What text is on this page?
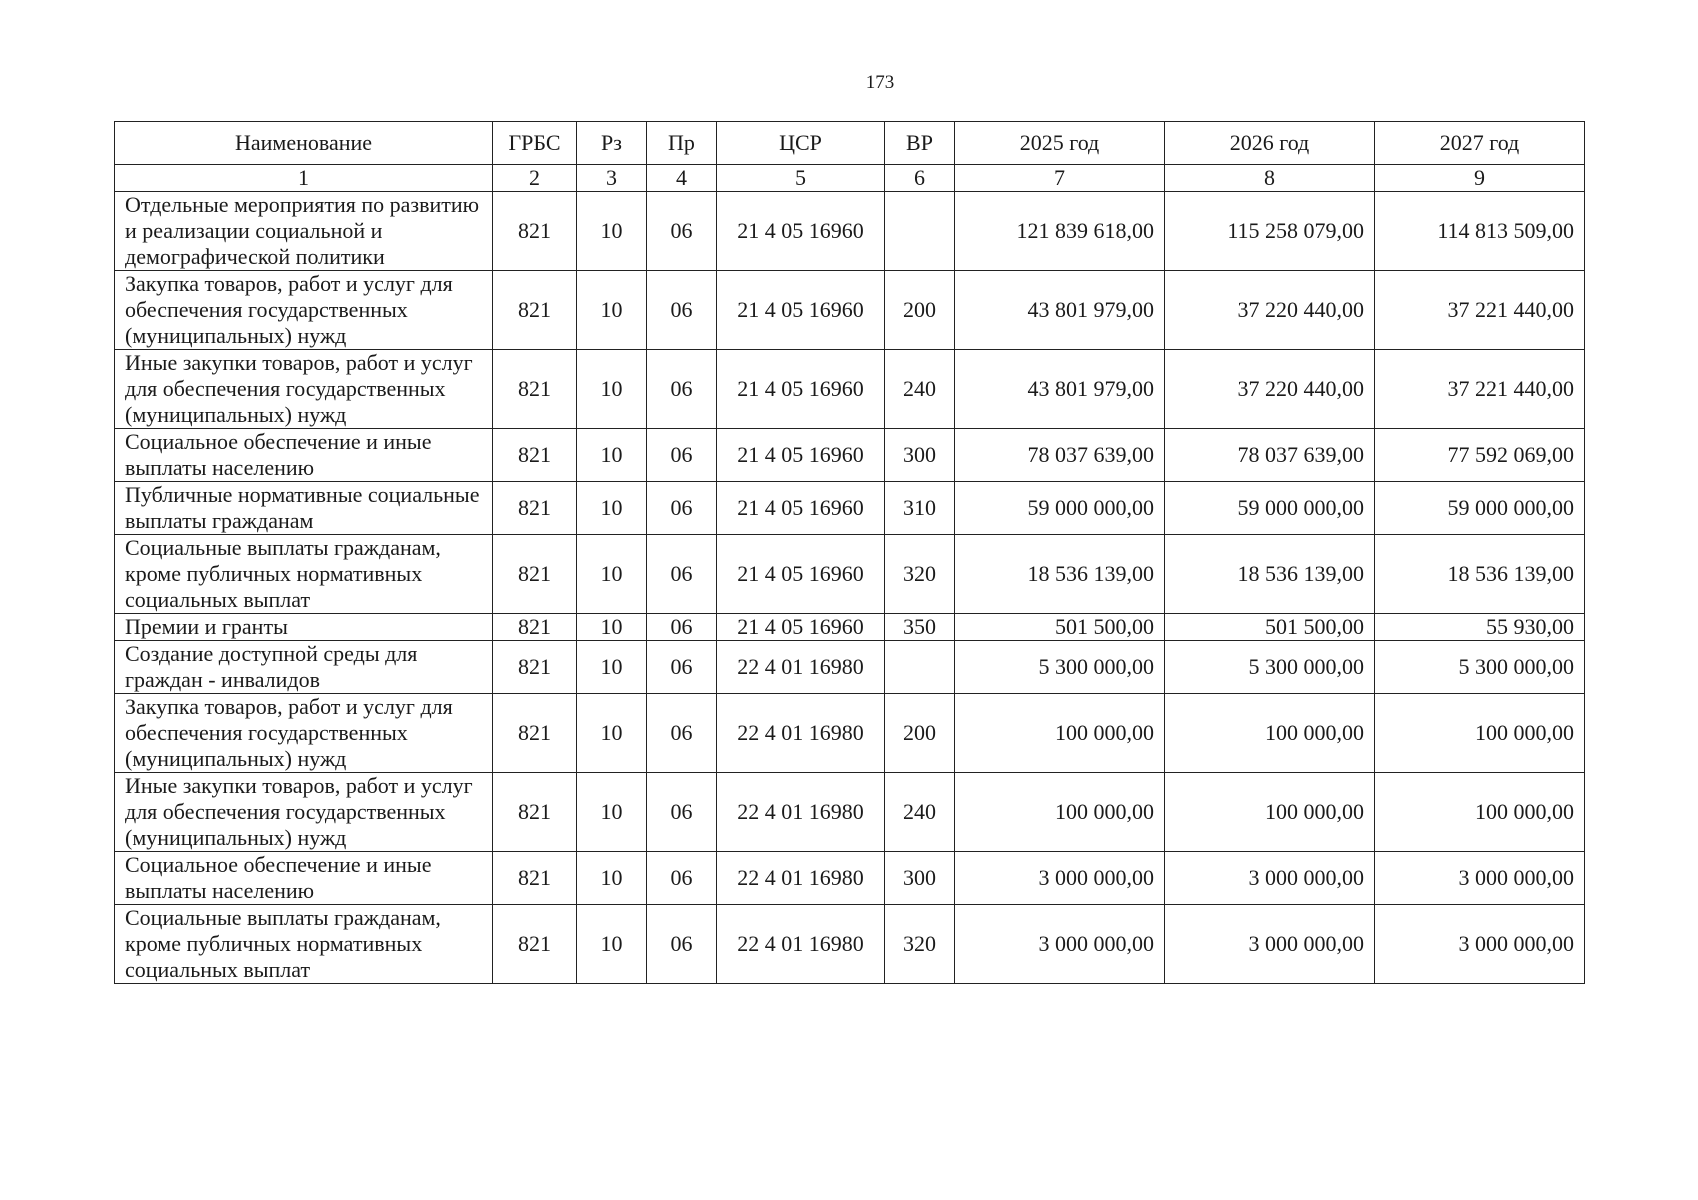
173
Наименование	ГРБС	Рз	Пр	ЦСР	ВР	2025 год	2026 год	2027 год
1	2	3	4	5	6	7	8	9
Отдельные мероприятия по развитию и реализации социальной и демографической политики	821	10	06	21 4 05 16960		121 839 618,00	115 258 079,00	114 813 509,00
Закупка товаров, работ и услуг для обеспечения государственных (муниципальных) нужд	821	10	06	21 4 05 16960	200	43 801 979,00	37 220 440,00	37 221 440,00
Иные закупки товаров, работ и услуг для обеспечения государственных (муниципальных) нужд	821	10	06	21 4 05 16960	240	43 801 979,00	37 220 440,00	37 221 440,00
Социальное обеспечение и иные выплаты населению	821	10	06	21 4 05 16960	300	78 037 639,00	78 037 639,00	77 592 069,00
Публичные нормативные социальные выплаты гражданам	821	10	06	21 4 05 16960	310	59 000 000,00	59 000 000,00	59 000 000,00
Социальные выплаты гражданам, кроме публичных нормативных социальных выплат	821	10	06	21 4 05 16960	320	18 536 139,00	18 536 139,00	18 536 139,00
Премии и гранты	821	10	06	21 4 05 16960	350	501 500,00	501 500,00	55 930,00
Создание доступной среды для граждан - инвалидов	821	10	06	22 4 01 16980		5 300 000,00	5 300 000,00	5 300 000,00
Закупка товаров, работ и услуг для обеспечения государственных (муниципальных) нужд	821	10	06	22 4 01 16980	200	100 000,00	100 000,00	100 000,00
Иные закупки товаров, работ и услуг для обеспечения государственных (муниципальных) нужд	821	10	06	22 4 01 16980	240	100 000,00	100 000,00	100 000,00
Социальное обеспечение и иные выплаты населению	821	10	06	22 4 01 16980	300	3 000 000,00	3 000 000,00	3 000 000,00
Социальные выплаты гражданам, кроме публичных нормативных социальных выплат	821	10	06	22 4 01 16980	320	3 000 000,00	3 000 000,00	3 000 000,00
